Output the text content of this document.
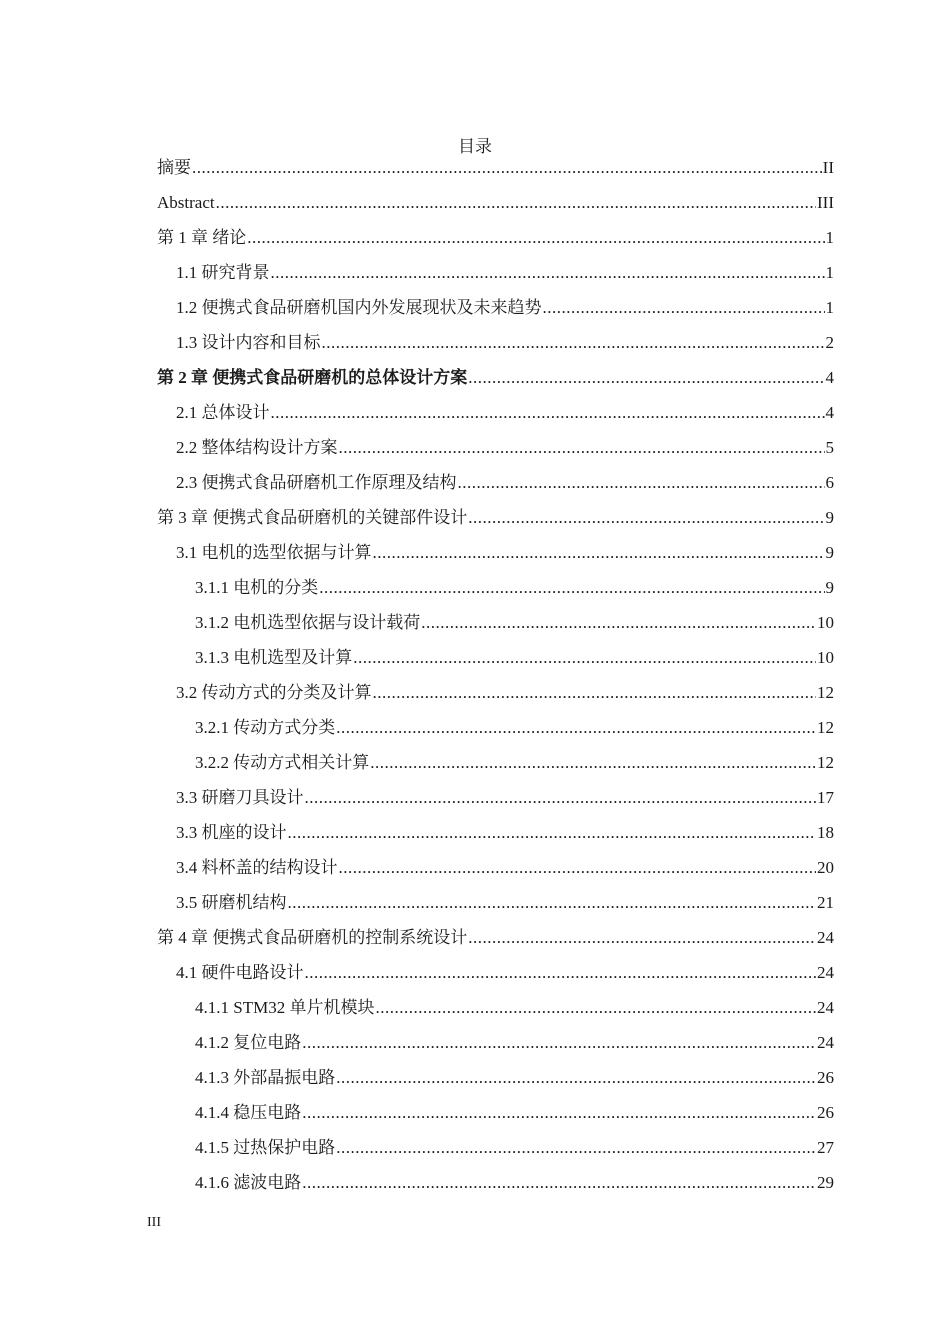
目录
摘要 .....	II
Abstract .....	III
第 1 章 绪论 .....	1
1.1 研究背景 .....	1
1.2 便携式食品研磨机国内外发展现状及未来趋势 .....	1
1.3 设计内容和目标 .....	2
第 2 章 便携式食品研磨机的总体设计方案 .....	4
2.1 总体设计 .....	4
2.2 整体结构设计方案 .....	5
2.3 便携式食品研磨机工作原理及结构 .....	6
第 3 章 便携式食品研磨机的关键部件设计 .....	9
3.1 电机的选型依据与计算 .....	9
3.1.1 电机的分类 .....	9
3.1.2 电机选型依据与设计载荷 .....	10
3.1.3 电机选型及计算 .....	10
3.2 传动方式的分类及计算 .....	12
3.2.1 传动方式分类 .....	12
3.2.2 传动方式相关计算 .....	12
3.3 研磨刀具设计 .....	17
3.3 机座的设计 .....	18
3.4 料杯盖的结构设计 .....	20
3.5 研磨机结构 .....	21
第 4 章 便携式食品研磨机的控制系统设计 .....	24
4.1 硬件电路设计 .....	24
4.1.1 STM32 单片机模块 .....	24
4.1.2 复位电路 .....	24
4.1.3 外部晶振电路 .....	26
4.1.4 稳压电路 .....	26
4.1.5 过热保护电路 .....	27
4.1.6 滤波电路 .....	29
III
